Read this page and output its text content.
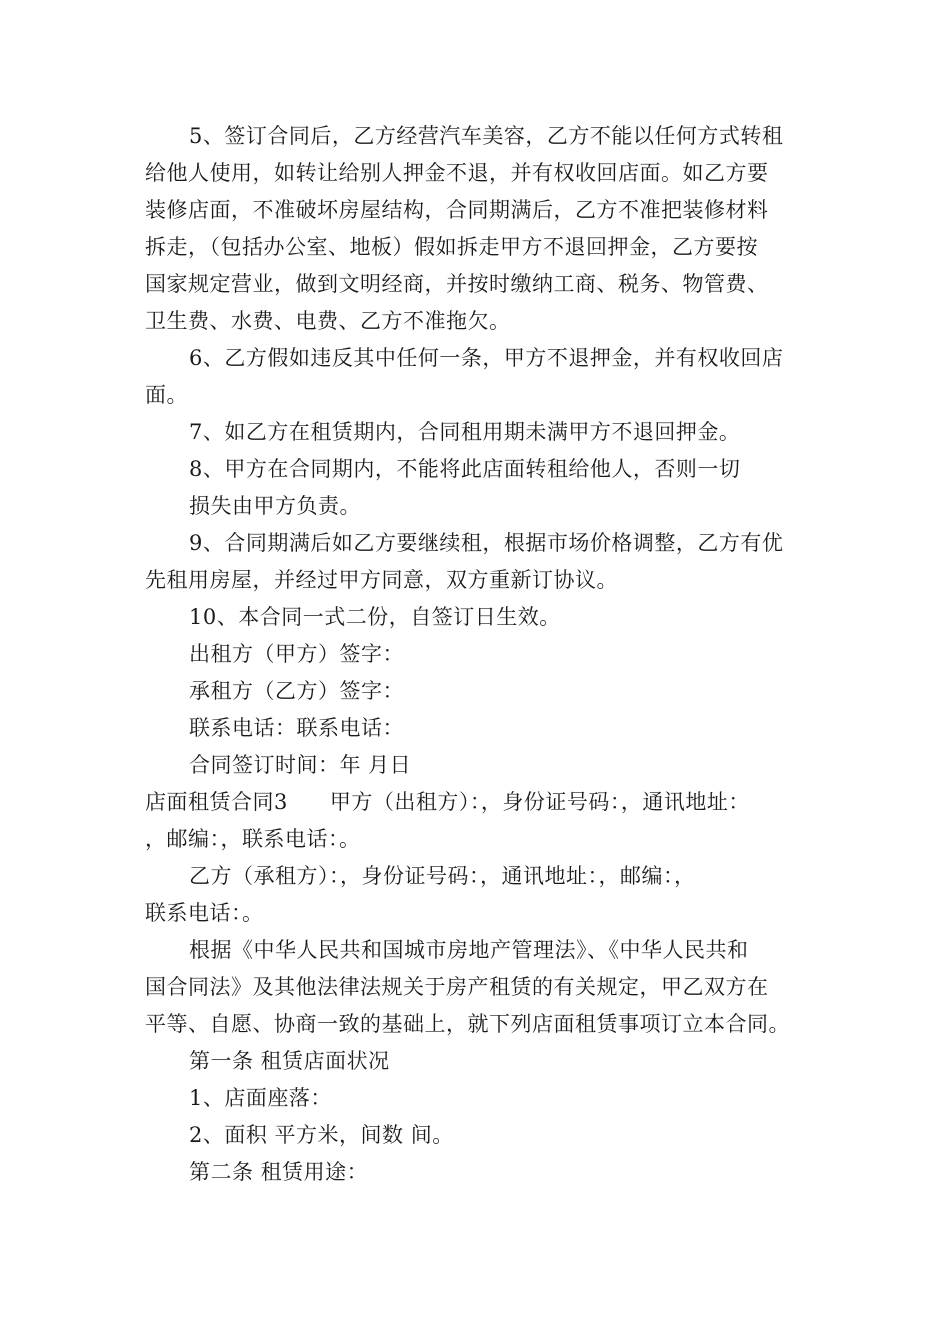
5、签订合同后，乙方经营汽车美容，乙方不能以任何方式转租
给他人使用，如转让给别人押金不退，并有权收回店面。如乙方要
装修店面，不准破坏房屋结构，合同期满后，乙方不准把装修材料
拆走，（包括办公室、地板）假如拆走甲方不退回押金，乙方要按
国家规定营业，做到文明经商，并按时缴纳工商、税务、物管费、
卫生费、水费、电费、乙方不准拖欠。
6、乙方假如违反其中任何一条，甲方不退押金，并有权收回店
面。
7、如乙方在租赁期内，合同租用期未满甲方不退回押金。
8、甲方在合同期内，不能将此店面转租给他人，否则一切
损失由甲方负责。
9、合同期满后如乙方要继续租，根据市场价格调整，乙方有优
先租用房屋，并经过甲方同意，双方重新订协议。
10、本合同一式二份，自签订日生效。
出租方（甲方）签字：
承租方（乙方）签字：
联系电话：联系电话：
合同签订时间：年 月日
店面租赁合同3 甲方（出租方）：，身份证号码：，通讯地址：
，邮编：，联系电话：。
乙方（承租方）：，身份证号码：，通讯地址：，邮编：，
联系电话：。
根据《中华人民共和国城市房地产管理法》、《中华人民共和
国合同法》及其他法律法规关于房产租赁的有关规定，甲乙双方在
平等、自愿、协商一致的基础上，就下列店面租赁事项订立本合同。
第一条 租赁店面状况
1、店面座落：
2、面积 平方米，间数 间。
第二条 租赁用途：
